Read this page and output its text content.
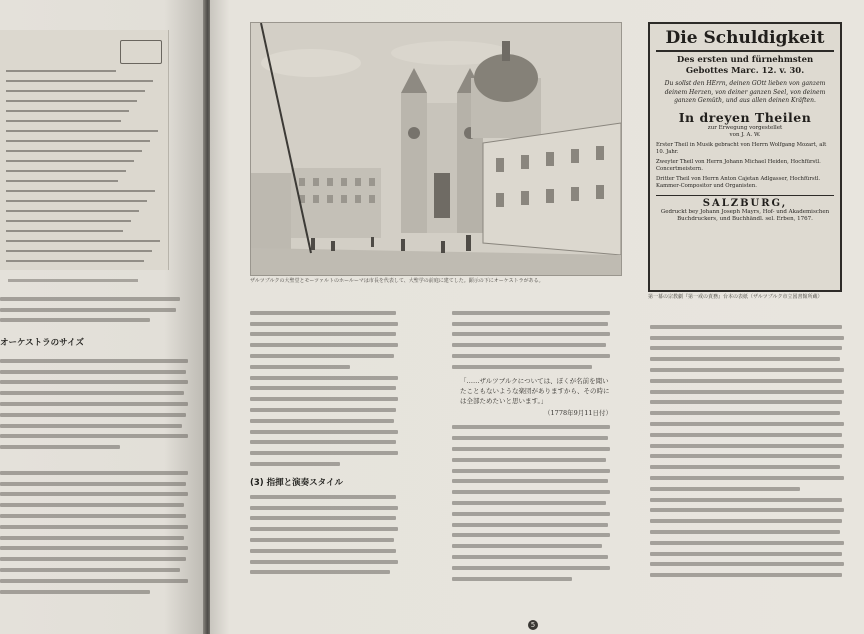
オーケストラのサイズ
ザルツブルクの大聖堂とモーツァルトのホールーマは市長を代表して、大聖学の前庭に建てした。顕示の下にオーケストラがある。
Die Schuldigkeit
Des ersten und fürnehmsten Gebottes Marc. 12. v. 30.
Du sollst den HErrn, deinen GOtt lieben von ganzem deinem Herzen, von deiner ganzen Seel, von deinem ganzen Gemüth, und aus allen deinen Kräften.
In dreyen Theilen
zur Erwegung vorgestellet
von J. A. W.
Erster Theil in Musik gebracht von Herrn Wolfgang Mozart, alt 10. Jahr.
Zweyter Theil von Herrn Johann Michael Heiden, Hochfürstl. Concertmeistern.
Dritter Theil von Herrn Anton Cajetan Adlgasser, Hochfürstl. Kammer-Compositor und Organisten.
SALZBURG,
Gedruckt bey Johann Joseph Mayrs, Hof- und Akademischen Buchdruckers, und Buchhändl. sel. Erben, 1767.
第一幕の宗教劇『第一戒の責務』台本の表紙（ザルツブルク市立図書館所蔵）
(3) 指揮と演奏スタイル
「……ザルツブルクについては、ぼくが名前を聞いたこともないような楽団がありますから、その時には全部ためたいと思います。」
（1778年9月11日付）
5
